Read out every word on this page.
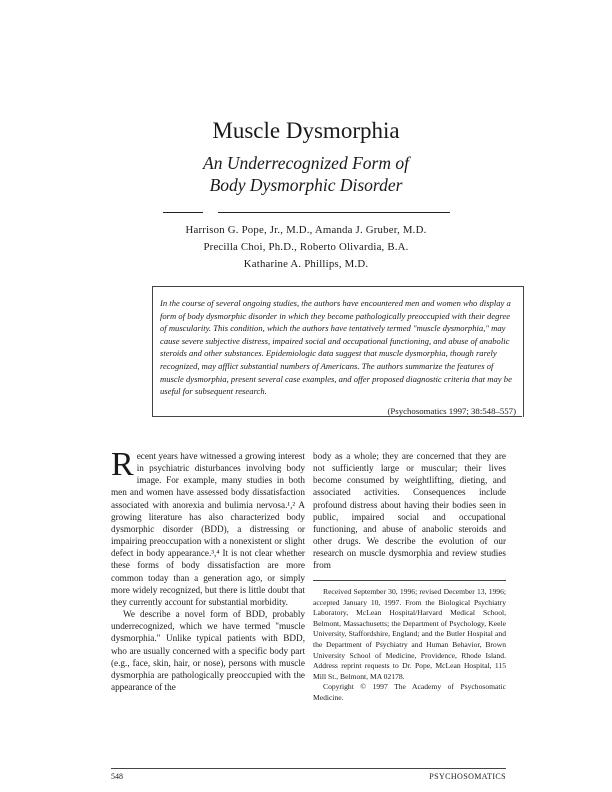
Muscle Dysmorphia
An Underrecognized Form of
Body Dysmorphic Disorder
Harrison G. Pope, Jr., M.D., Amanda J. Gruber, M.D.
Precilla Choi, Ph.D., Roberto Olivardia, B.A.
Katharine A. Phillips, M.D.
In the course of several ongoing studies, the authors have encountered men and women who display a form of body dysmorphic disorder in which they become pathologically preoccupied with their degree of muscularity. This condition, which the authors have tentatively termed "muscle dysmorphia," may cause severe subjective distress, impaired social and occupational functioning, and abuse of anabolic steroids and other substances. Epidemiologic data suggest that muscle dysmorphia, though rarely recognized, may afflict substantial numbers of Americans. The authors summarize the features of muscle dysmorphia, present several case examples, and offer proposed diagnostic criteria that may be useful for subsequent research.
(Psychosomatics 1997; 38:548–557)

Recent years have witnessed a growing interest in psychiatric disturbances involving body image. For example, many studies in both men and women have assessed body dissatisfaction associated with anorexia and bulimia nervosa.¹,² A growing literature has also characterized body dysmorphic disorder (BDD), a distressing or impairing preoccupation with a nonexistent or slight defect in body appearance.³,⁴ It is not clear whether these forms of body dissatisfaction are more common today than a generation ago, or simply more widely recognized, but there is little doubt that they currently account for substantial morbidity.

We describe a novel form of BDD, probably underrecognized, which we have termed "muscle dysmorphia." Unlike typical patients with BDD, who are usually concerned with a specific body part (e.g., face, skin, hair, or nose), persons with muscle dysmorphia are pathologically preoccupied with the appearance of the

body as a whole; they are concerned that they are not sufficiently large or muscular; their lives become consumed by weightlifting, dieting, and associated activities. Consequences include profound distress about having their bodies seen in public, impaired social and occupational functioning, and abuse of anabolic steroids and other drugs. We describe the evolution of our research on muscle dysmorphia and review studies from

Received September 30, 1996; revised December 13, 1996; accepted January 10, 1997. From the Biological Psychiatry Laboratory, McLean Hospital/Harvard Medical School, Belmont, Massachusetts; the Department of Psychology, Keele University, Staffordshire, England; and the Butler Hospital and the Department of Psychiatry and Human Behavior, Brown University School of Medicine, Providence, Rhode Island. Address reprint requests to Dr. Pope, McLean Hospital, 115 Mill St., Belmont, MA 02178.

Copyright © 1997 The Academy of Psychosomatic Medicine.

548	PSYCHOSOMATICS
